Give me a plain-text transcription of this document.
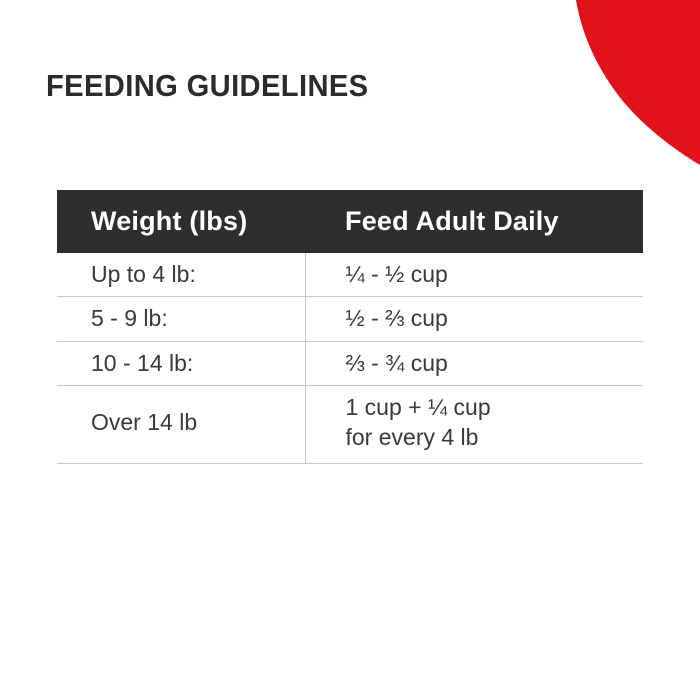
FEEDING GUIDELINES
Weight (lbs)	Feed Adult Daily
Up to 4 lb:	¼ - ½ cup
5 - 9 lb:	½ - ⅔ cup
10 - 14 lb:	⅔ - ¾ cup
Over 14 lb	1 cup + ¼ cup
for every 4 lb
